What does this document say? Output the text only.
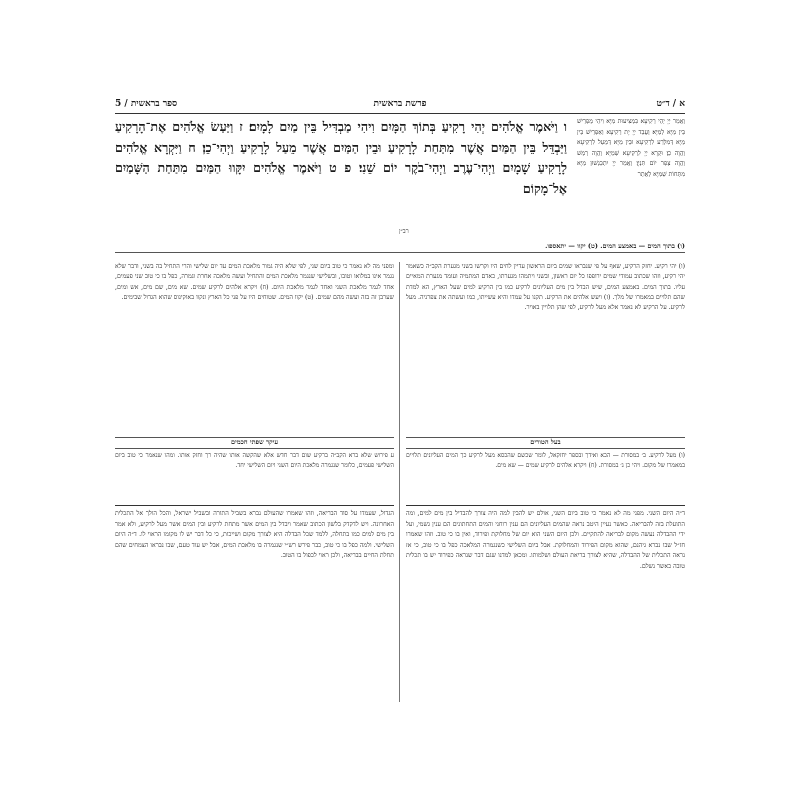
א / ד״ט
פרשת בראשית
ספר בראשית / 5
וַאֲמַר יְיָ יְהֵי רְקִיעָא בִּמְצִיעוּת מַיָּא וִיהֵי מַפְרֵישׁ בֵּין מַיָּא לְמַיָּא׃ וַעֲבַד יְיָ יָת רְקִיעָא וְאַפְרֵישׁ בֵּין מַיָּא דְּמִלְּרַע לִרְקִיעָא וּבֵין מַיָּא דְּמֵעֵל לִרְקִיעָא וַהֲוָה כֵן׃ וּקְרָא יְיָ לִרְקִיעָא שְׁמַיָּא וַהֲוָה רְמַשׁ וַהֲוָה צְפַר יוֹם תִּנְיָן׃ וַאֲמַר יְיָ יִתְכַּנְשׁוּן מַיָּא מִתְּחוֹת שְׁמַיָּא לַאֲתַר
ו וַיֹּאמֶר אֱלֹהִים יְהִי רָקִיעַ בְּתוֹךְ הַמָּיִם וִיהִי מַבְדִּיל בֵּין מַיִם לָמָיִם׃ ז וַיַּעַשׂ אֱלֹהִים אֶת־הָרָקִיעַ וַיַּבְדֵּל בֵּין הַמַּיִם אֲשֶׁר מִתַּחַת לָרָקִיעַ וּבֵין הַמַּיִם אֲשֶׁר מֵעַל לָרָקִיעַ וַיְהִי־כֵן׃ ח וַיִּקְרָא אֱלֹהִים לָרָקִיעַ שָׁמָיִם וַיְהִי־עֶרֶב וַיְהִי־בֹקֶר יוֹם שֵׁנִי׃ פ ט וַיֹּאמֶר אֱלֹהִים יִקָּווּ הַמַּיִם מִתַּחַת הַשָּׁמַיִם אֶל־מָקוֹם
(ו) בתוך המים — באמצע המים. (ט) יקוו — יתאספו.
רב״ן
(ו) יהי רקיע. יחזק הרקיע, שאף על פי שנבראו שמים ביום הראשון עדיין לחים היו וקרשו בשני מגערת הקב״ה כשאמר יהי רקיע, וזהו שכתוב עמודי שמים ירופפו כל יום ראשון, ובשני ויתמהו מגערתו, כאדם המתמיה ועומד מגערת המאיים עליו. בתוך המים. באמצע המים, שיש הבדל בין מים העליונים לרקיע כמו בין הרקיע למים שעל הארץ, הא למדת שהם תלויים במאמרו של מלך. (ז) ויעש אלהים את הרקיע. תקנו על עמדו והיא עשייתו, כמו ועשתה את צפרניה. מעל לרקיע. על הרקיע לא נאמר אלא מעל לרקיע, לפי שהן תלויין באויר.
ומפני מה לא נאמר כי טוב ביום שני, לפי שלא היה גמור מלאכת המים עד יום שלישי והרי התחיל בה בשני, ודבר שלא נגמר אינו במלואו וטובו, ובשלישי שנגמר מלאכת המים והתחיל ועשה מלאכה אחרת וגמרה, כפל בו כי טוב שני פעמים, אחד לגמר מלאכת השני ואחד לגמר מלאכת היום. (ח) ויקרא אלהים לרקיע שמים. שא מים, שם מים, אש ומים, שערבן זה בזה ועשה מהם שמים. (ט) יקוו המים. שטוחים היו על פני כל הארץ ונקוו באוקינוס שהוא הגדול שבימים.
בעל הטורים
(ו) מעל לרקיע. ב׳ במסורת — הכא ואידך ובספר יחזקאל, לומר שכשם שהכסא מעל לרקיע כך המים העליונים תלויים במאמרו של מקום. ויהי כן ג׳ במסורת. (ח) ויקרא אלהים לרקיע שמים — שא מים.
עיקר שפתי חכמים
ע פירוש שלא ברא הקב״ה ברקיע שום דבר חדש אלא שהקשה אותו שהיה רך וחזק אותו. ומהו שנאמר כי טוב ביום השלישי פעמים, כלומר שנגמרה מלאכת היום השני ויום השלישי יחד.
ד״ה היום השני. מפני מה לא נאמר כי טוב ביום השני, אולם יש להבין למה היה צורך להבדיל בין מים למים, ומה התועלת בזה להבריאה. כאשר נעיין היטב נראה שהמים העליונים הם ענין רוחני והמים התחתונים הם ענין גשמי, ועל ידי ההבדלה נעשה מקום לבריאה להתקיים. ולכן היום השני הוא יום של מחלוקת ופירוד, ואין בו כי טוב. וזהו שאמרו חז״ל שבו נברא גיהנם, שהוא מקום הפירוד והמחלוקת. אבל ביום השלישי כשנגמרה המלאכה כפל בו כי טוב, כי אז נראה התכלית של ההבדלה, שהיא לצורך בריאת העולם ושלמותו. ומכאן למדנו שגם דבר שנראה כפירוד יש בו תכלית טובה כאשר נשלם.
הגדול, שעמדו על סוד הבריאה, וזהו שאמרו שהעולם נברא בשביל התורה ובשביל ישראל, והכל הולך אל התכלית האחרונה. ויש לדקדק בלשון הכתוב שאמר ויבדל בין המים אשר מתחת לרקיע ובין המים אשר מעל לרקיע, ולא אמר בין מים למים כמו בתחלה, ללמד שכל הבדלה היא לצורך מקום ושייכות, כי כל דבר יש לו מקומו הראוי לו. ד״ה היום השלישי. ולמה כפל בו כי טוב, כבר פירש רש״י שנגמרה בו מלאכת המים, אבל יש עוד טעם, שבו נבראו הצמחים שהם תחלת החיים בבריאה, ולכן ראוי לכפול בו הטוב.
